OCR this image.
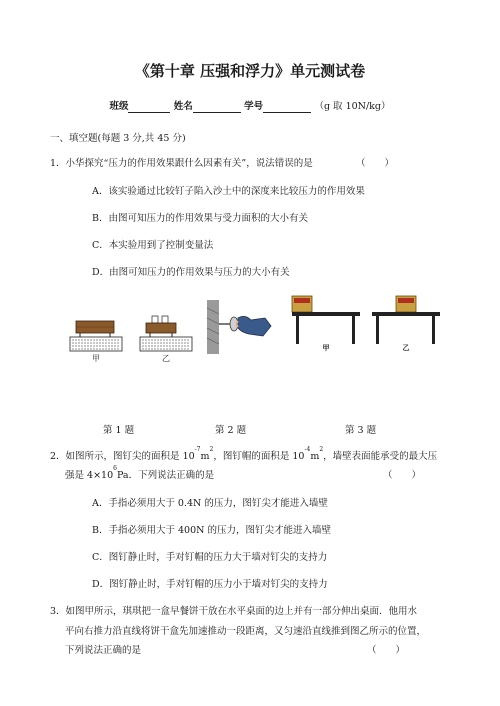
《第十章 压强和浮力》单元测试卷
班级	姓名	学号	（g 取 10N/kg）
一、填空题(每题 3 分,共 45 分)
1．小华探究“压力的作用效果跟什么因素有关”，说法错误的是	（　　）
A．该实验通过比较钉子陷入沙土中的深度来比较压力的作用效果
B．由图可知压力的作用效果与受力面积的大小有关
C．本实验用到了控制变量法
D．由图可知压力的作用效果与压力的大小有关
甲	乙
甲	乙
第 1 题	第 2 题	第 3 题
2．如图所示，图钉尖的面积是 $10^{-7}m^2$，图钉帽的面积是 $10^{-4}m^2$，墙壁表面能承受的最大压
强是 $4\times 10^6Pa$．下列说法正确的是	（　　）
A．手指必须用大于 0.4N 的压力，图钉尖才能进入墙壁
B．手指必须用大于 400N 的压力，图钉尖才能进入墙壁
C．图钉静止时，手对钉帽的压力大于墙对钉尖的支持力
D．图钉静止时，手对钉帽的压力小于墙对钉尖的支持力
3．如图甲所示，琪琪把一盒早餐饼干放在水平桌面的边上并有一部分伸出桌面．他用水
平向右推力沿直线将饼干盒先加速推动一段距离，又匀速沿直线推到图乙所示的位置，
下列说法正确的是	（　　）
